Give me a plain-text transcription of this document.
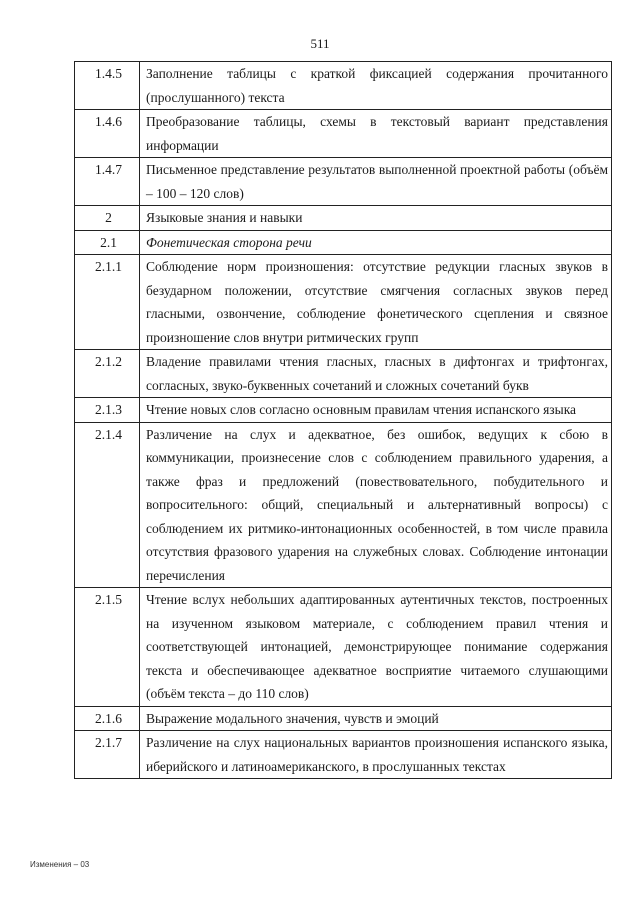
511
1.4.5	Заполнение таблицы с краткой фиксацией содержания прочитанного (прослушанного) текста
1.4.6	Преобразование таблицы, схемы в текстовый вариант представления информации
1.4.7	Письменное представление результатов выполненной проектной работы (объём – 100 – 120 слов)
2	Языковые знания и навыки
2.1	Фонетическая сторона речи
2.1.1	Соблюдение норм произношения: отсутствие редукции гласных звуков в безударном положении, отсутствие смягчения согласных звуков перед гласными, озвончение, соблюдение фонетического сцепления и связное произношение слов внутри ритмических групп
2.1.2	Владение правилами чтения гласных, гласных в дифтонгах и трифтонгах, согласных, звуко-буквенных сочетаний и сложных сочетаний букв
2.1.3	Чтение новых слов согласно основным правилам чтения испанского языка
2.1.4	Различение на слух и адекватное, без ошибок, ведущих к сбою в коммуникации, произнесение слов с соблюдением правильного ударения, а также фраз и предложений (повествовательного, побудительного и вопросительного: общий, специальный и альтернативный вопросы) с соблюдением их ритмико-интонационных особенностей, в том числе правила отсутствия фразового ударения на служебных словах. Соблюдение интонации перечисления
2.1.5	Чтение вслух небольших адаптированных аутентичных текстов, построенных на изученном языковом материале, с соблюдением правил чтения и соответствующей интонацией, демонстрирующее понимание содержания текста и обеспечивающее адекватное восприятие читаемого слушающими (объём текста – до 110 слов)
2.1.6	Выражение модального значения, чувств и эмоций
2.1.7	Различение на слух национальных вариантов произношения испанского языка, иберийского и латиноамериканского, в прослушанных текстах
Изменения – 03
